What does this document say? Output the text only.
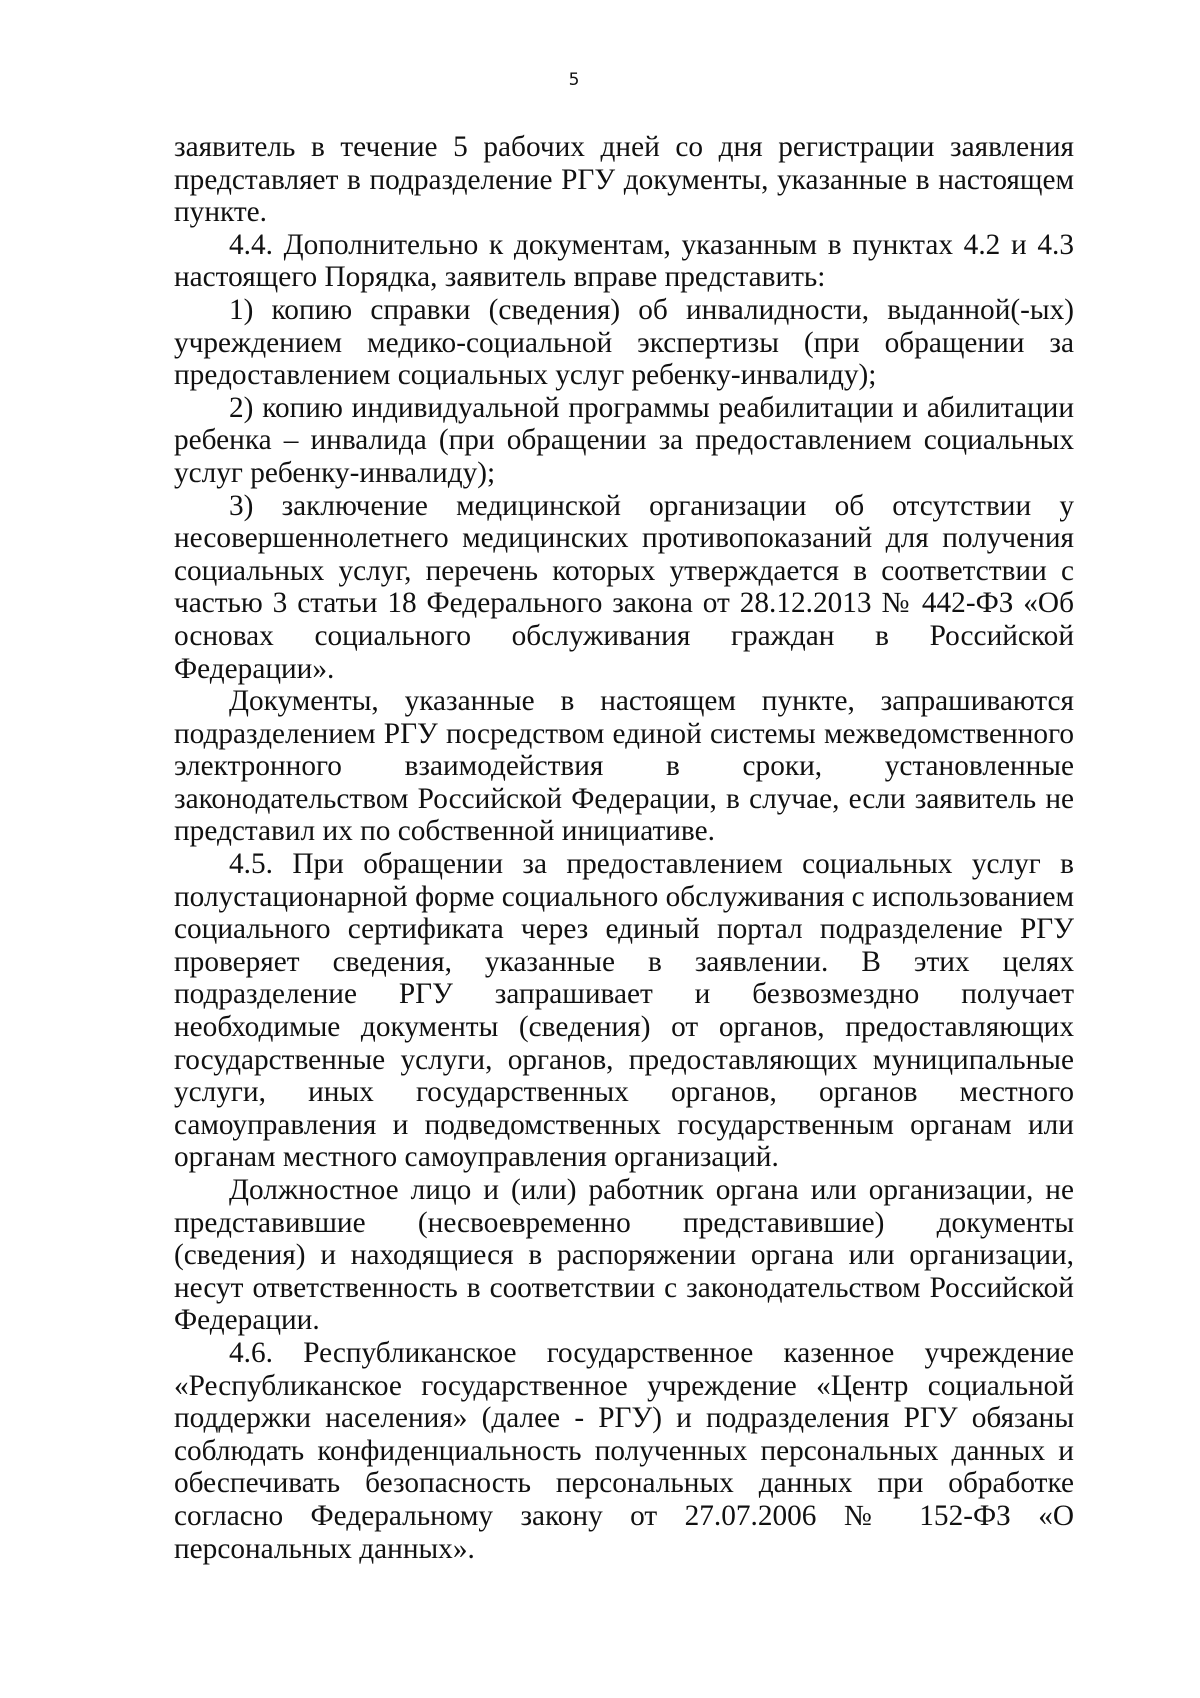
5

заявитель в течение 5 рабочих дней со дня регистрации заявления представляет в подразделение РГУ документы, указанные в настоящем пункте.

4.4. Дополнительно к документам, указанным в пунктах 4.2 и 4.3 настоящего Порядка, заявитель вправе представить:

1) копию справки (сведения) об инвалидности, выданной(-ых) учреждением медико-социальной экспертизы (при обращении за предоставлением социальных услуг ребенку-инвалиду);

2) копию индивидуальной программы реабилитации и абилитации ребенка – инвалида (при обращении за предоставлением социальных услуг ребенку-инвалиду);

3) заключение медицинской организации об отсутствии у несовершеннолетнего медицинских противопоказаний для получения социальных услуг, перечень которых утверждается в соответствии с частью 3 статьи 18 Федерального закона от 28.12.2013 № 442-ФЗ «Об основах социального обслуживания граждан в Российской Федерации».

Документы, указанные в настоящем пункте, запрашиваются подразделением РГУ посредством единой системы межведомственного электронного взаимодействия в сроки, установленные законодательством Российской Федерации, в случае, если заявитель не представил их по собственной инициативе.

4.5. При обращении за предоставлением социальных услуг в полустационарной форме социального обслуживания с использованием социального сертификата через единый портал подразделение РГУ проверяет сведения, указанные в заявлении. В этих целях подразделение РГУ запрашивает и безвозмездно получает необходимые документы (сведения) от органов, предоставляющих государственные услуги, органов, предоставляющих муниципальные услуги, иных государственных органов, органов местного самоуправления и подведомственных государственным органам или органам местного самоуправления организаций.

Должностное лицо и (или) работник органа или организации, не представившие (несвоевременно представившие) документы (сведения) и находящиеся в распоряжении органа или организации, несут ответственность в соответствии с законодательством Российской Федерации.

4.6. Республиканское государственное казенное учреждение «Республиканское государственное учреждение «Центр социальной поддержки населения» (далее - РГУ) и подразделения РГУ обязаны соблюдать конфиденциальность полученных персональных данных и обеспечивать безопасность персональных данных при обработке согласно Федеральному закону от 27.07.2006 № 152-ФЗ «О персональных данных».
